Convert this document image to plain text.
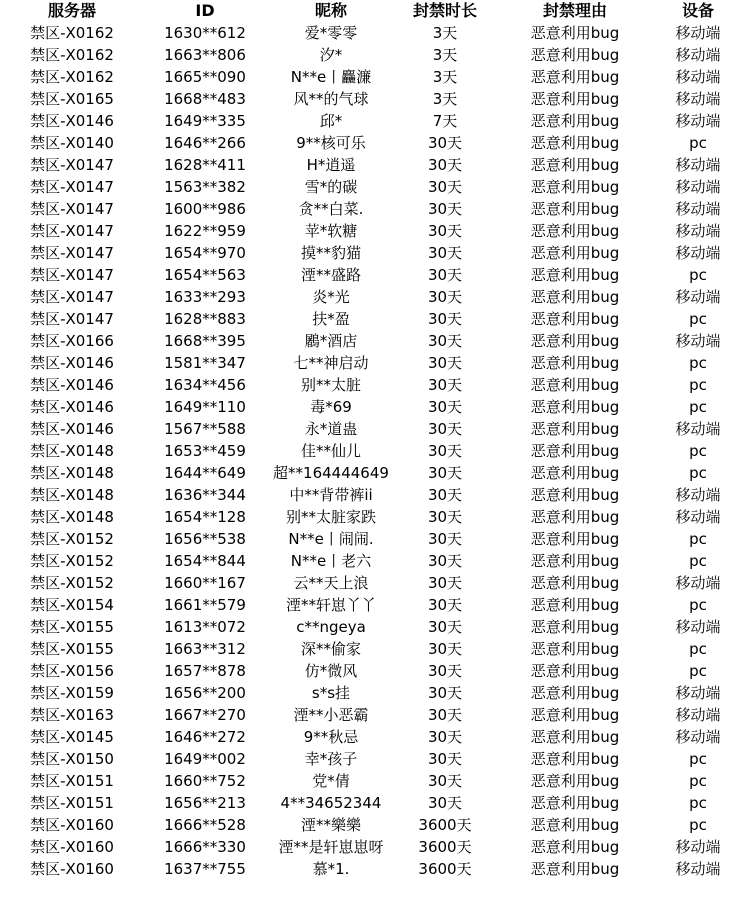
服务器	ID	昵称	封禁时长	封禁理由	设备
禁区-X0162	1630**612	爱*零零	3天	恶意利用bug	移动端
禁区-X0162	1663**806	汐*	3天	恶意利用bug	移动端
禁区-X0162	1665**090	N**e丨麤濂	3天	恶意利用bug	移动端
禁区-X0165	1668**483	风**的气球	3天	恶意利用bug	移动端
禁区-X0146	1649**335	邱*	7天	恶意利用bug	移动端
禁区-X0140	1646**266	9**核可乐	30天	恶意利用bug	pc
禁区-X0147	1628**411	H*逍遥	30天	恶意利用bug	移动端
禁区-X0147	1563**382	雪*的碳	30天	恶意利用bug	移动端
禁区-X0147	1600**986	贪**白菜.	30天	恶意利用bug	移动端
禁区-X0147	1622**959	苹*软糖	30天	恶意利用bug	移动端
禁区-X0147	1654**970	摸**豹猫	30天	恶意利用bug	移动端
禁区-X0147	1654**563	湮**盛路	30天	恶意利用bug	pc
禁区-X0147	1633**293	炎*光	30天	恶意利用bug	移动端
禁区-X0147	1628**883	扶*盈	30天	恶意利用bug	pc
禁区-X0166	1668**395	鷵*酒店	30天	恶意利用bug	移动端
禁区-X0146	1581**347	七**神启动	30天	恶意利用bug	pc
禁区-X0146	1634**456	别**太脏	30天	恶意利用bug	pc
禁区-X0146	1649**110	毒*69	30天	恶意利用bug	pc
禁区-X0146	1567**588	永*道蛊	30天	恶意利用bug	移动端
禁区-X0148	1653**459	佳**仙儿	30天	恶意利用bug	pc
禁区-X0148	1644**649	超**164444649	30天	恶意利用bug	pc
禁区-X0148	1636**344	中**背带裤ii	30天	恶意利用bug	移动端
禁区-X0148	1654**128	别**太脏家跌	30天	恶意利用bug	移动端
禁区-X0152	1656**538	N**e丨闹闹.	30天	恶意利用bug	pc
禁区-X0152	1654**844	N**e丨老六	30天	恶意利用bug	pc
禁区-X0152	1660**167	云**天上浪	30天	恶意利用bug	移动端
禁区-X0154	1661**579	湮**轩崽丫丫	30天	恶意利用bug	pc
禁区-X0155	1613**072	c**ngeya	30天	恶意利用bug	移动端
禁区-X0155	1663**312	深**偷家	30天	恶意利用bug	pc
禁区-X0156	1657**878	仿*微风	30天	恶意利用bug	pc
禁区-X0159	1656**200	s*s挂	30天	恶意利用bug	移动端
禁区-X0163	1667**270	湮**小恶霸	30天	恶意利用bug	移动端
禁区-X0145	1646**272	9**秋忌	30天	恶意利用bug	移动端
禁区-X0150	1649**002	幸*孩子	30天	恶意利用bug	pc
禁区-X0151	1660**752	党*倩	30天	恶意利用bug	pc
禁区-X0151	1656**213	4**34652344	30天	恶意利用bug	pc
禁区-X0160	1666**528	湮**樂樂	3600天	恶意利用bug	pc
禁区-X0160	1666**330	湮**是轩崽崽呀	3600天	恶意利用bug	移动端
禁区-X0160	1637**755	慕*1.	3600天	恶意利用bug	移动端
